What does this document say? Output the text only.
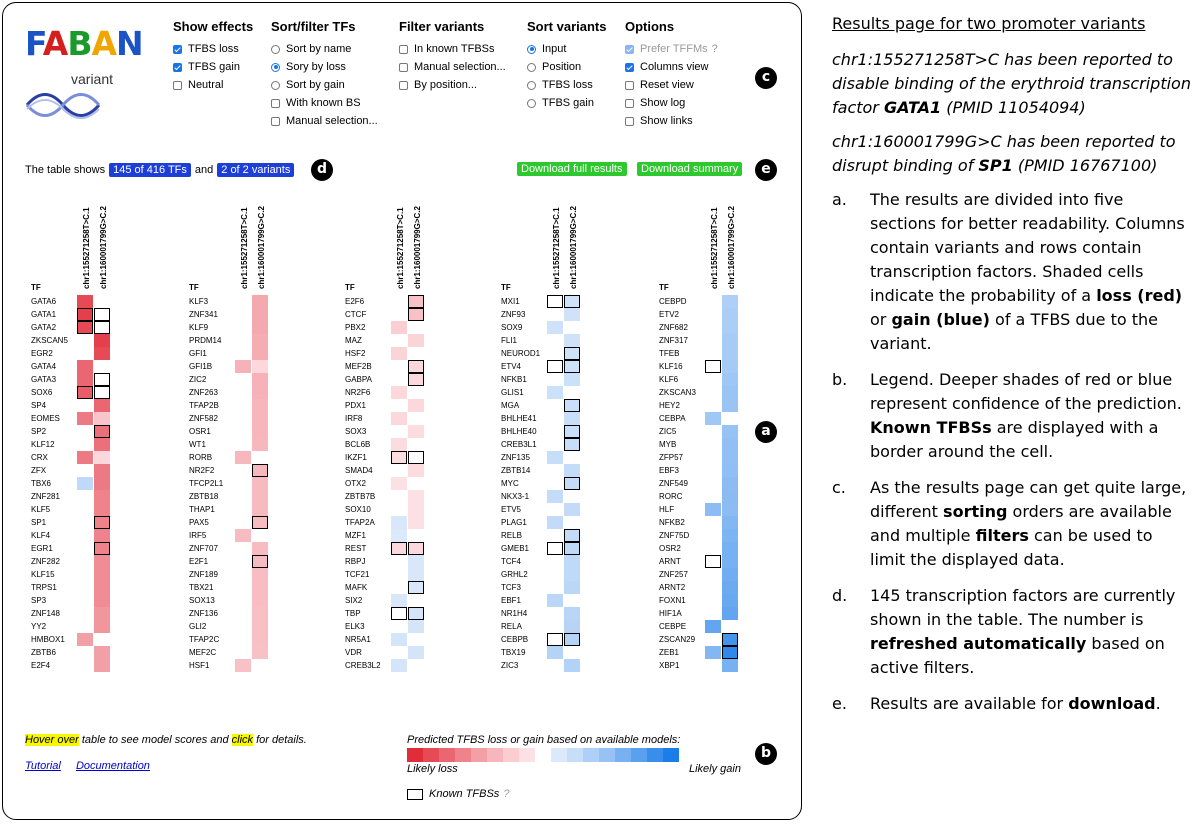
FABAN
variant
Show effects
TFBS loss
TFBS gain
Neutral
Sort/filter TFs
Sort by name
Sory by loss
Sort by gain
With known BS
Manual selection...
Filter variants
In known TFBSs
Manual selection...
By position...
Sort variants
Input
Position
TFBS loss
TFBS gain
Options
Prefer TFFMs ?
Columns view
Reset view
Show log
Show links
c
The table shows 145 of 416 TFs and 2 of 2 variants	d	Download full results	Download summary	e
chr1:155271258T>C.1 chr1:160001799G>C.2
TF
GATA6
GATA1
GATA2
ZKSCAN5
EGR2
GATA4
GATA3
SOX6
SP4
EOMES
SP2
KLF12
CRX
ZFX
TBX6
ZNF281
KLF5
SP1
KLF4
EGR1
ZNF282
KLF15
TRPS1
SP3
ZNF148
YY2
HMBOX1
ZBTB6
E2F4
chr1:155271258T>C.1 chr1:160001799G>C.2
TF
KLF3
ZNF341
KLF9
PRDM14
GFI1
GFI1B
ZIC2
ZNF263
TFAP2B
ZNF582
OSR1
WT1
RORB
NR2F2
TFCP2L1
ZBTB18
THAP1
PAX5
IRF5
ZNF707
E2F1
ZNF189
TBX21
SOX13
ZNF136
GLI2
TFAP2C
MEF2C
HSF1
chr1:155271258T>C.1 chr1:160001799G>C.2
TF
E2F6
CTCF
PBX2
MAZ
HSF2
MEF2B
GABPA
NR2F6
PDX1
IRF8
SOX3
BCL6B
IKZF1
SMAD4
OTX2
ZBTB7B
SOX10
TFAP2A
MZF1
REST
RBPJ
TCF21
MAFK
SIX2
TBP
ELK3
NR5A1
VDR
CREB3L2
chr1:155271258T>C.1 chr1:160001799G>C.2
TF
MXI1
ZNF93
SOX9
FLI1
NEUROD1
ETV4
NFKB1
GLIS1
MGA
BHLHE41
BHLHE40
CREB3L1
ZNF135
ZBTB14
MYC
NKX3-1
ETV5
PLAG1
RELB
GMEB1
TCF4
GRHL2
TCF3
EBF1
NR1H4
RELA
CEBPB
TBX19
ZIC3
chr1:155271258T>C.1 chr1:160001799G>C.2
TF
CEBPD
ETV2
ZNF682
ZNF317
TFEB
KLF16
KLF6
ZKSCAN3
HEY2
CEBPA
ZIC5
MYB
ZFP57
EBF3
ZNF549
RORC
HLF
NFKB2
ZNF75D
OSR2
ARNT
ZNF257
ARNT2
FOXN1
HIF1A
CEBPE
ZSCAN29
ZEB1
XBP1
a
Hover over table to see model scores and click for details.
Tutorial Documentation
Predicted TFBS loss or gain based on available models:
Likely loss	Likely gain
b
Known TFBSs ?
Results page for two promoter variants
chr1:155271258T>C has been reported to disable binding of the erythroid transcription factor GATA1 (PMID 11054094)
chr1:160001799G>C has been reported to disrupt binding of SP1 (PMID 16767100)
a.	The results are divided into five sections for better readability. Columns contain variants and rows contain transcription factors. Shaded cells indicate the probability of a loss (red) or gain (blue) of a TFBS due to the variant.
b.	Legend. Deeper shades of red or blue represent confidence of the prediction. Known TFBSs are displayed with a border around the cell.
c.	As the results page can get quite large, different sorting orders are available and multiple filters can be used to limit the displayed data.
d.	145 transcription factors are currently shown in the table. The number is refreshed automatically based on active filters.
e.	Results are available for download.
